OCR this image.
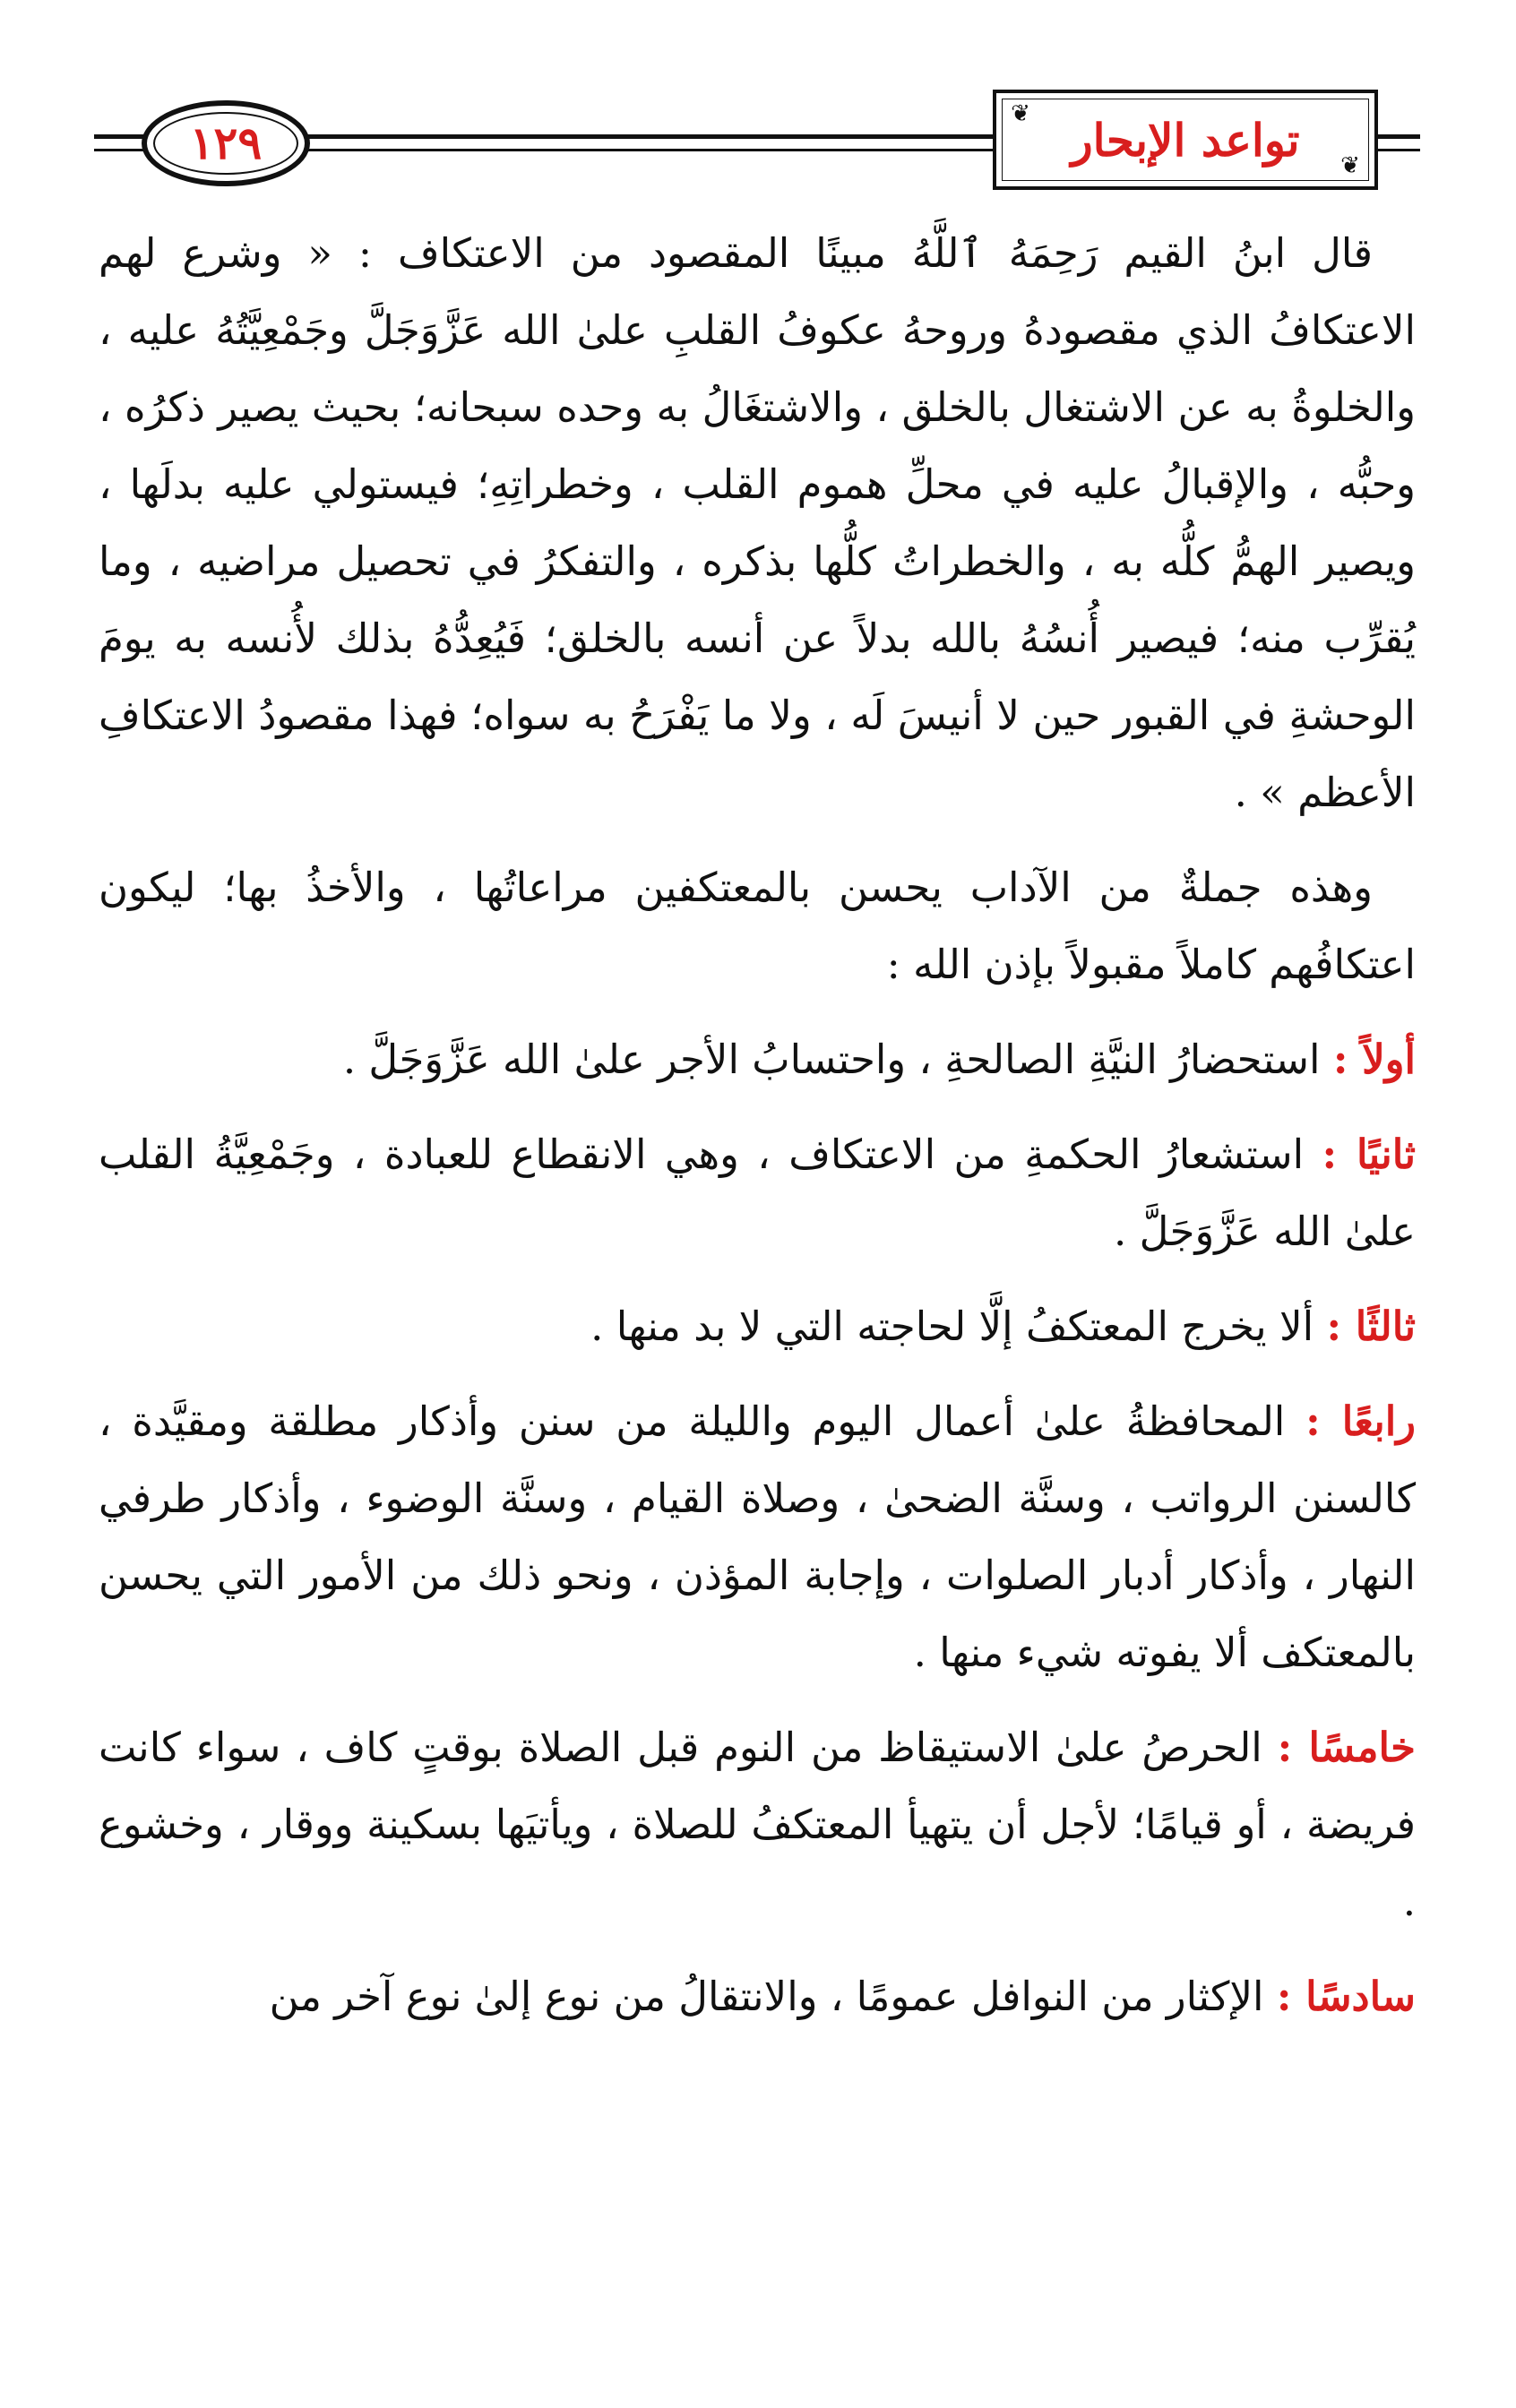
١٢٩
❦ تواعد الإبحار ❦

قال ابنُ القيم رَحِمَهُ ٱللَّهُ مبينًا المقصود من الاعتكاف : « وشرع لهم الاعتكافُ الذي مقصودهُ وروحهُ عكوفُ القلبِ علىٰ الله عَزَّوَجَلَّ وجَمْعِيَّتُهُ عليه ، والخلوةُ به عن الاشتغال بالخلق ، والاشتغَالُ به وحده سبحانه؛ بحيث يصير ذكرُه ، وحبُّه ، والإقبالُ عليه في محلِّ هموم القلب ، وخطراتِهِ؛ فيستولي عليه بدلَها ، ويصير الهمُّ كلُّه به ، والخطراتُ كلُّها بذكره ، والتفكرُ في تحصيل مراضيه ، وما يُقرِّب منه؛ فيصير أُنسُهُ بالله بدلاً عن أنسه بالخلق؛ فَيُعِدُّهُ بذلك لأُنسه به يومَ الوحشةِ في القبور حين لا أنيسَ لَه ، ولا ما يَفْرَحُ به سواه؛ فهذا مقصودُ الاعتكافِ الأعظم » .

وهذه جملةٌ من الآداب يحسن بالمعتكفين مراعاتُها ، والأخذُ بها؛ ليكون اعتكافُهم كاملاً مقبولاً بإذن الله :

أولاً : استحضارُ النيَّةِ الصالحةِ ، واحتسابُ الأجر علىٰ الله عَزَّوَجَلَّ .

ثانيًا : استشعارُ الحكمةِ من الاعتكاف ، وهي الانقطاع للعبادة ، وجَمْعِيَّةُ القلب علىٰ الله عَزَّوَجَلَّ .

ثالثًا : ألا يخرج المعتكفُ إلَّا لحاجته التي لا بد منها .

رابعًا : المحافظةُ علىٰ أعمال اليوم والليلة من سنن وأذكار مطلقة ومقيَّدة ، كالسنن الرواتب ، وسنَّة الضحىٰ ، وصلاة القيام ، وسنَّة الوضوء ، وأذكار طرفي النهار ، وأذكار أدبار الصلوات ، وإجابة المؤذن ، ونحو ذلك من الأمور التي يحسن بالمعتكف ألا يفوته شيء منها .

خامسًا : الحرصُ علىٰ الاستيقاظ من النوم قبل الصلاة بوقتٍ كاف ، سواء كانت فريضة ، أو قيامًا؛ لأجل أن يتهيأ المعتكفُ للصلاة ، ويأتيَها بسكينة ووقار ، وخشوع .

سادسًا : الإكثار من النوافل عمومًا ، والانتقالُ من نوع إلىٰ نوع آخر من
